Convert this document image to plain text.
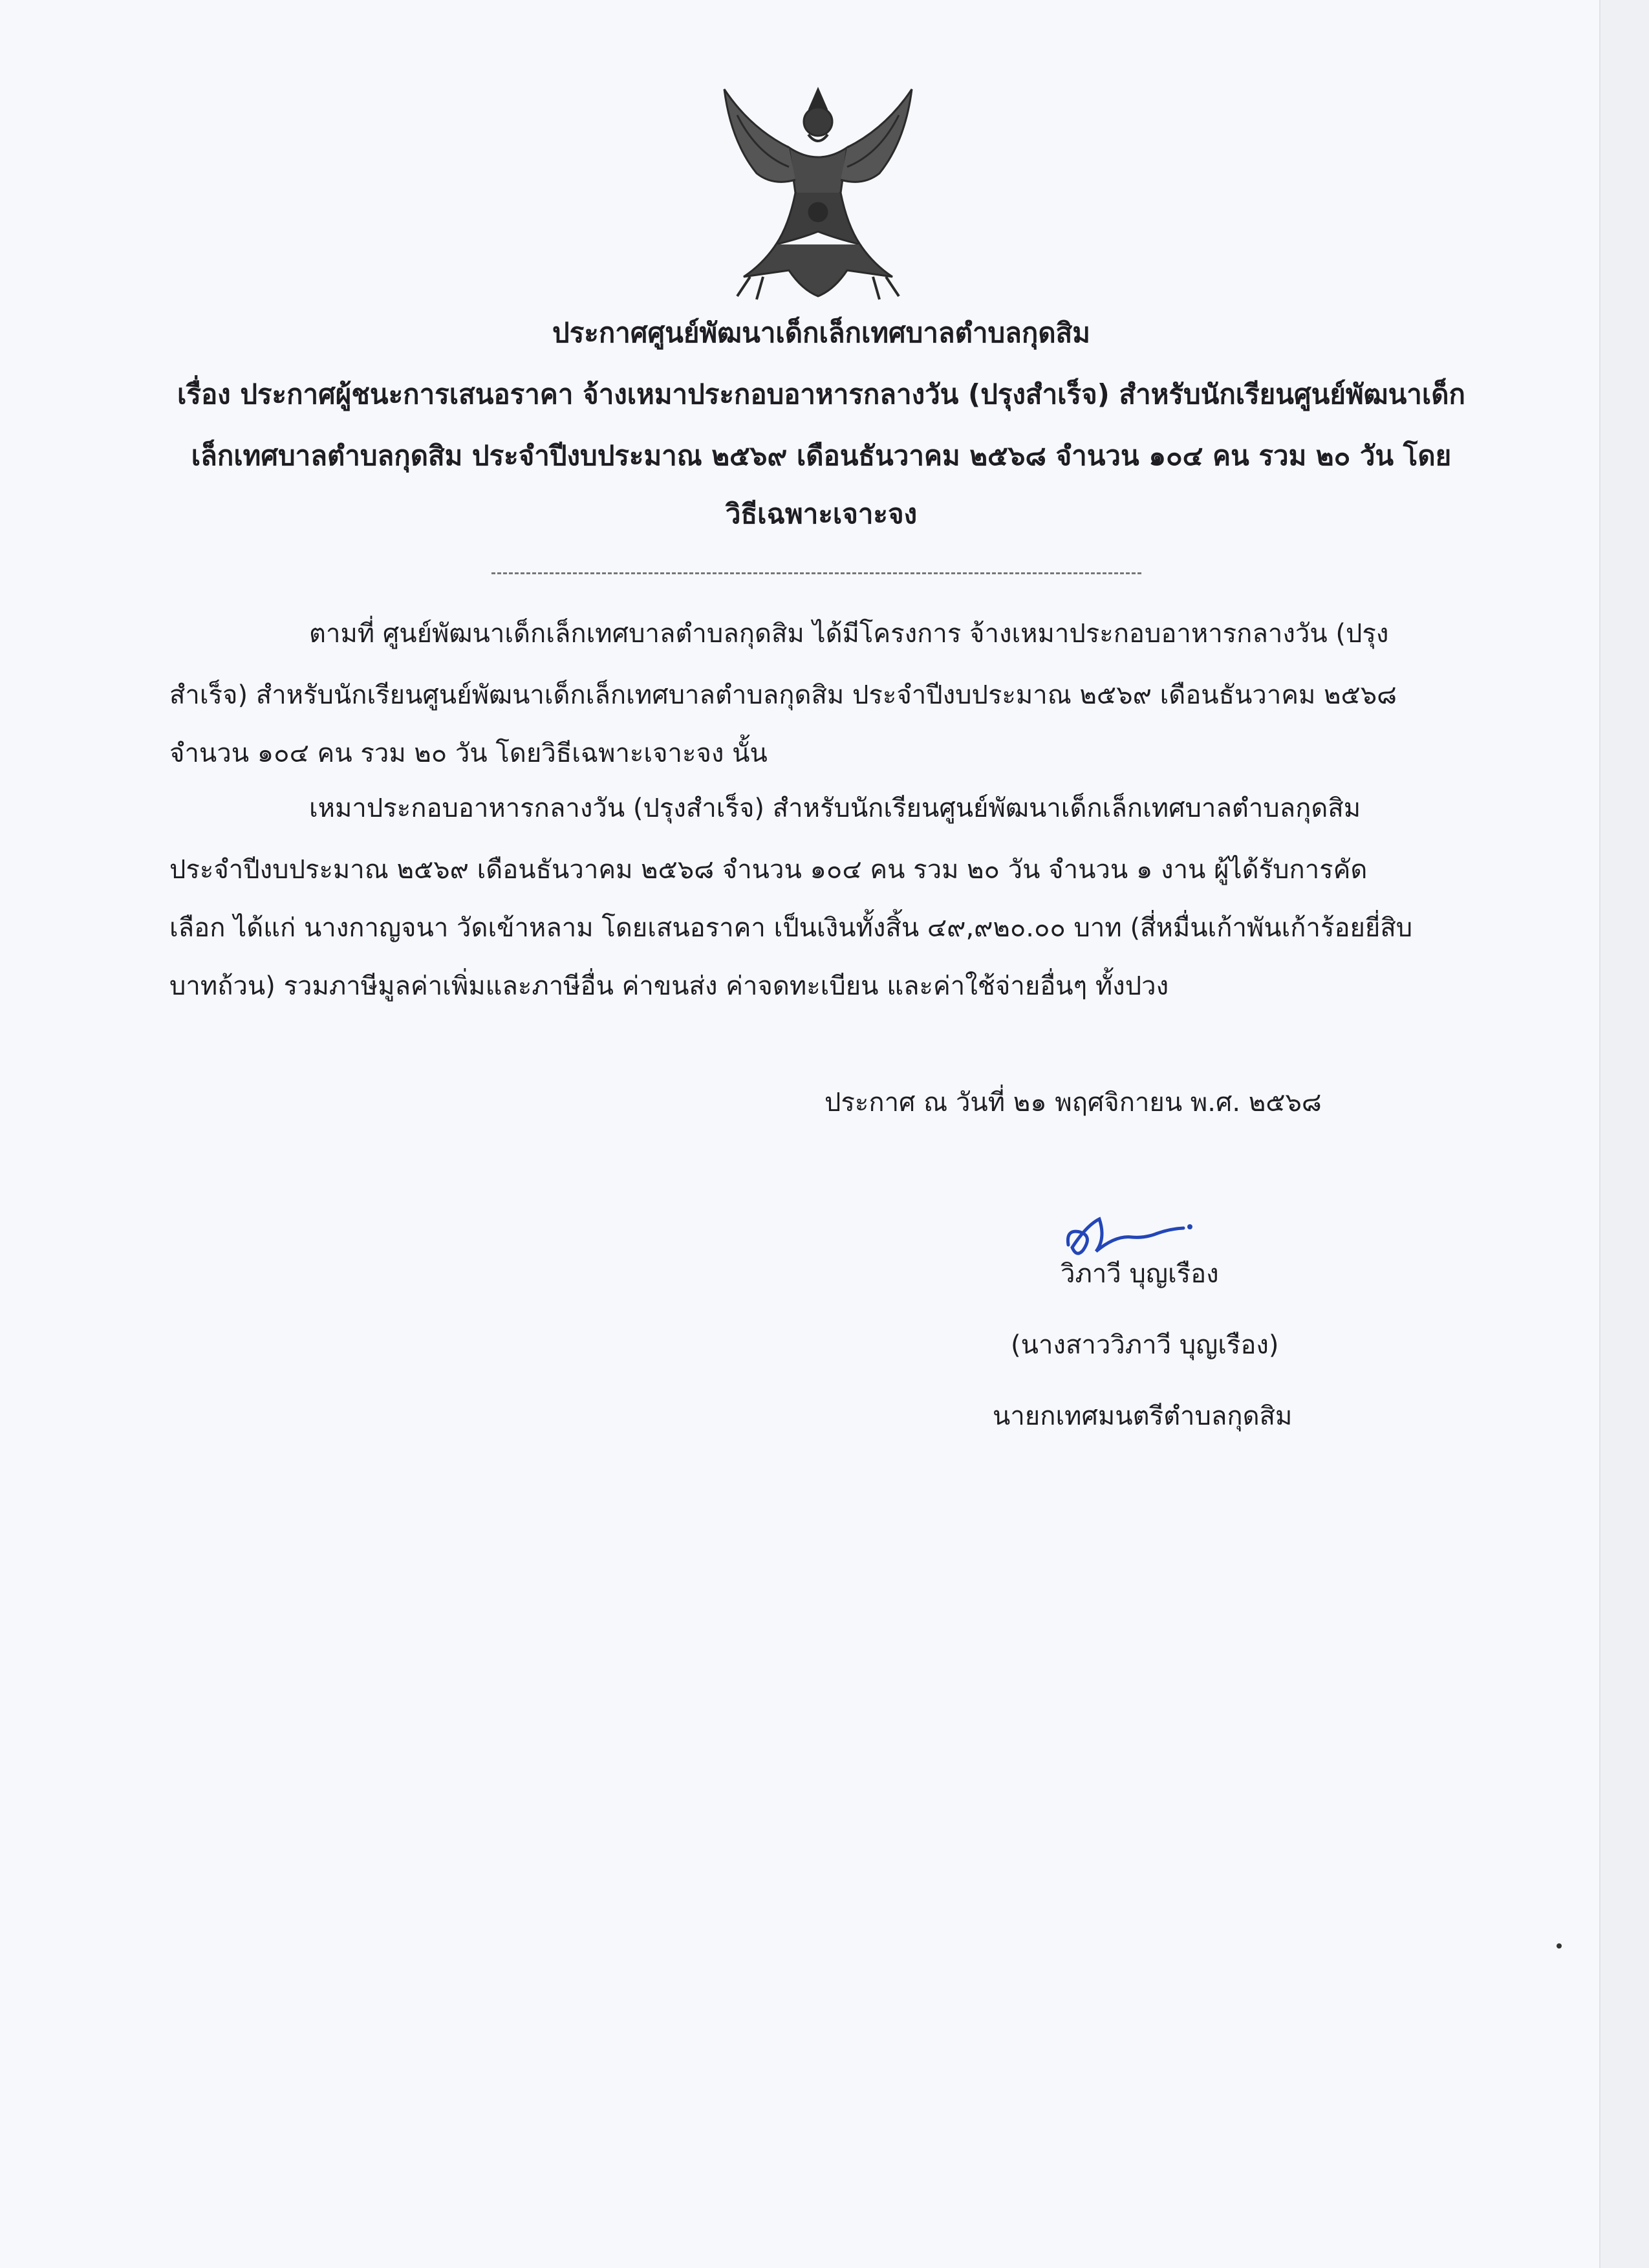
ประกาศศูนย์พัฒนาเด็กเล็กเทศบาลตำบลกุดสิม
เรื่อง ประกาศผู้ชนะการเสนอราคา จ้างเหมาประกอบอาหารกลางวัน (ปรุงสำเร็จ) สำหรับนักเรียนศูนย์พัฒนาเด็ก
เล็กเทศบาลตำบลกุดสิม ประจำปีงบประมาณ ๒๕๖๙ เดือนธันวาคม ๒๕๖๘ จำนวน ๑๐๔ คน รวม ๒๐ วัน โดย
วิธีเฉพาะเจาะจง
ตามที่ ศูนย์พัฒนาเด็กเล็กเทศบาลตำบลกุดสิม ได้มีโครงการ จ้างเหมาประกอบอาหารกลางวัน (ปรุง
สำเร็จ) สำหรับนักเรียนศูนย์พัฒนาเด็กเล็กเทศบาลตำบลกุดสิม ประจำปีงบประมาณ ๒๕๖๙ เดือนธันวาคม ๒๕๖๘
จำนวน ๑๐๔ คน รวม ๒๐ วัน โดยวิธีเฉพาะเจาะจง นั้น
เหมาประกอบอาหารกลางวัน (ปรุงสำเร็จ) สำหรับนักเรียนศูนย์พัฒนาเด็กเล็กเทศบาลตำบลกุดสิม
ประจำปีงบประมาณ ๒๕๖๙ เดือนธันวาคม ๒๕๖๘ จำนวน ๑๐๔ คน รวม ๒๐ วัน จำนวน ๑ งาน ผู้ได้รับการคัด
เลือก ได้แก่ นางกาญจนา วัดเข้าหลาม โดยเสนอราคา เป็นเงินทั้งสิ้น ๔๙,๙๒๐.๐๐ บาท (สี่หมื่นเก้าพันเก้าร้อยยี่สิบ
บาทถ้วน) รวมภาษีมูลค่าเพิ่มและภาษีอื่น ค่าขนส่ง ค่าจดทะเบียน และค่าใช้จ่ายอื่นๆ ทั้งปวง
ประกาศ ณ วันที่ ๒๑ พฤศจิกายน พ.ศ. ๒๕๖๘
วิภาวี บุญเรือง
(นางสาววิภาวี บุญเรือง)
นายกเทศมนตรีตำบลกุดสิม
